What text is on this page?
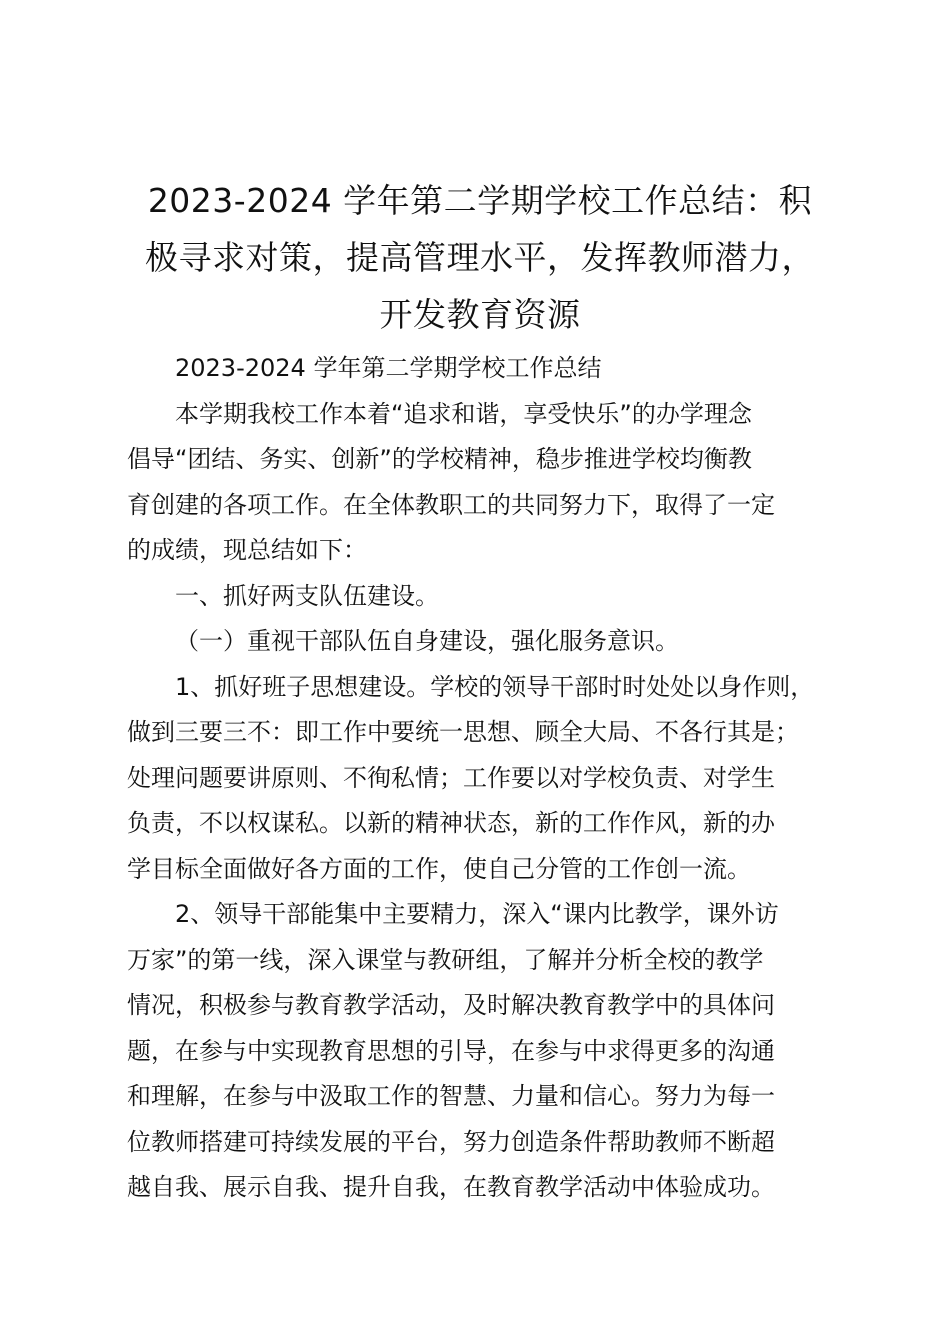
2023-2024 学年第二学期学校工作总结：积
极寻求对策，提高管理水平，发挥教师潜力，
开发教育资源

2023-2024 学年第二学期学校工作总结

本学期我校工作本着“追求和谐，享受快乐”的办学理念
倡导“团结、务实、创新”的学校精神，稳步推进学校均衡教
育创建的各项工作。在全体教职工的共同努力下，取得了一定
的成绩，现总结如下：

一、抓好两支队伍建设。

（一）重视干部队伍自身建设，强化服务意识。

1、抓好班子思想建设。学校的领导干部时时处处以身作则，
做到三要三不：即工作中要统一思想、顾全大局、不各行其是；
处理问题要讲原则、不徇私情；工作要以对学校负责、对学生
负责，不以权谋私。以新的精神状态，新的工作作风，新的办
学目标全面做好各方面的工作，使自己分管的工作创一流。

2、领导干部能集中主要精力，深入“课内比教学，课外访
万家”的第一线，深入课堂与教研组，了解并分析全校的教学
情况，积极参与教育教学活动，及时解决教育教学中的具体问
题，在参与中实现教育思想的引导，在参与中求得更多的沟通
和理解，在参与中汲取工作的智慧、力量和信心。努力为每一
位教师搭建可持续发展的平台，努力创造条件帮助教师不断超
越自我、展示自我、提升自我，在教育教学活动中体验成功。
